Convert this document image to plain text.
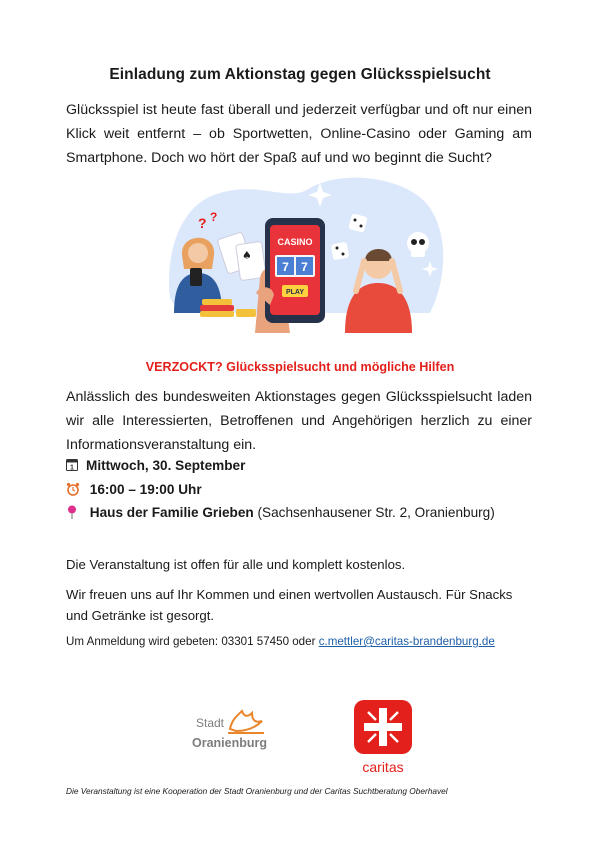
Einladung zum Aktionstag gegen Glücksspielsucht
Glücksspiel ist heute fast überall und jederzeit verfügbar und oft nur einen Klick weit entfernt – ob Sportwetten, Online-Casino oder Gaming am Smartphone. Doch wo hört der Spaß auf und wo beginnt die Sucht?
? ?
♠
CASINO
7 7
PLAY
VERZOCKT? Glücksspielsucht und mögliche Hilfen
Anlässlich des bundesweiten Aktionstages gegen Glücksspielsucht laden wir alle Interessierten, Betroffenen und Angehörigen herzlich zu einer Informationsveranstaltung ein.
1 Mittwoch, 30. September
16:00 – 19:00 Uhr
Haus der Familie Grieben (Sachsenhausener Str. 2, Oranienburg)
Die Veranstaltung ist offen für alle und komplett kostenlos.
Wir freuen uns auf Ihr Kommen und einen wertvollen Austausch. Für Snacks und Getränke ist gesorgt.
Um Anmeldung wird gebeten: 03301 57450 oder c.mettler@caritas-brandenburg.de
Stadt
Oranienburg
caritas
Die Veranstaltung ist eine Kooperation der Stadt Oranienburg und der Caritas Suchtberatung Oberhavel
